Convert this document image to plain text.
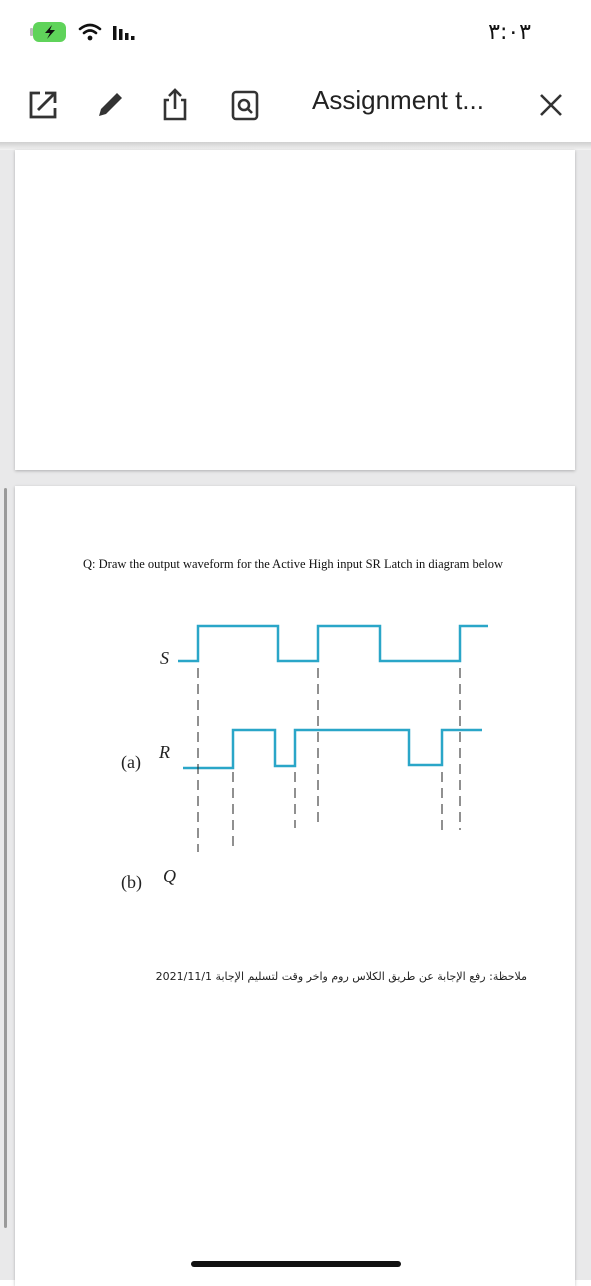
٣:٠٣
Assignment t...
Q: Draw the output waveform for the Active High input SR Latch in diagram below
S
R
(a)
Q
(b)
ملاحظة: رفع الإجابة عن طريق الكلاس روم واخر وقت لتسليم الإجابة 2021/11/1
